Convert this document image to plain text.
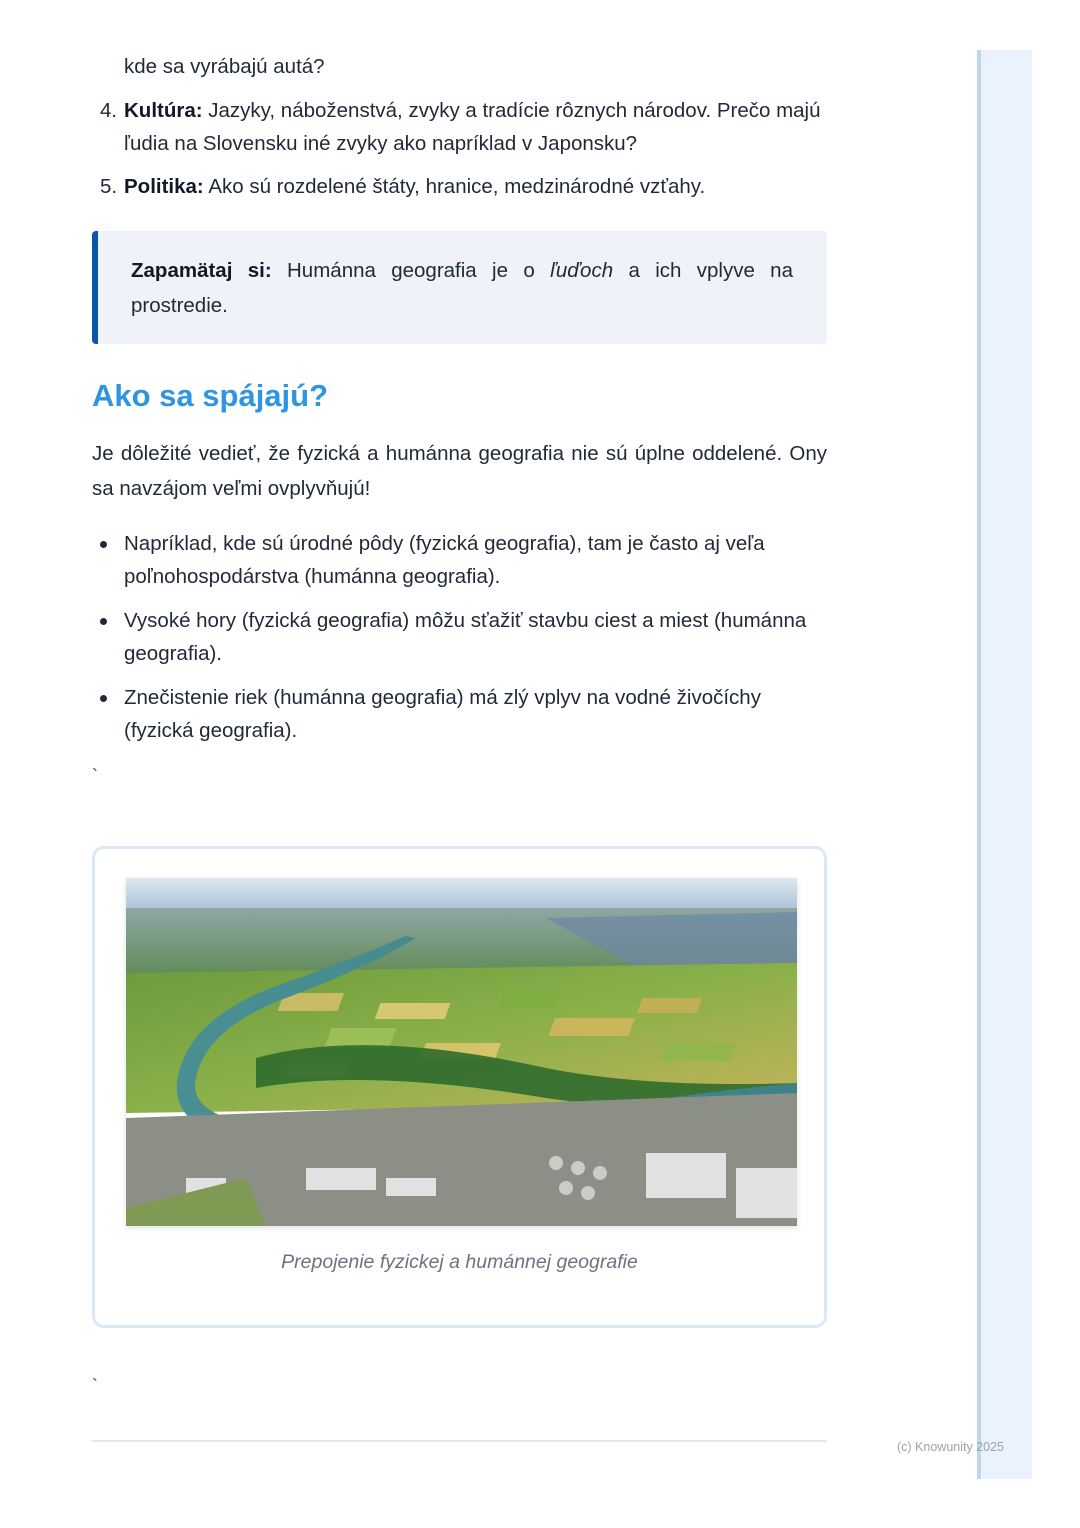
kde sa vyrábajú autá?
4. Kultúra: Jazyky, náboženstvá, zvyky a tradície rôznych národov. Prečo majú ľudia na Slovensku iné zvyky ako napríklad v Japonsku?
5. Politika: Ako sú rozdelené štáty, hranice, medzinárodné vzťahy.
Zapamätaj si: Humánna geografia je o ľuďoch a ich vplyve na prostredie.
Ako sa spájajú?
Je dôležité vedieť, že fyzická a humánna geografia nie sú úplne oddelené. Ony sa navzájom veľmi ovplyvňujú!
Napríklad, kde sú úrodné pôdy (fyzická geografia), tam je často aj veľa poľnohospodárstva (humánna geografia).
Vysoké hory (fyzická geografia) môžu sťažiť stavbu ciest a miest (humánna geografia).
Znečistenie riek (humánna geografia) má zlý vplyv na vodné živočíchy (fyzická geografia).
`
Prepojenie fyzickej a humánnej geografie
`
(c) Knowunity 2025
